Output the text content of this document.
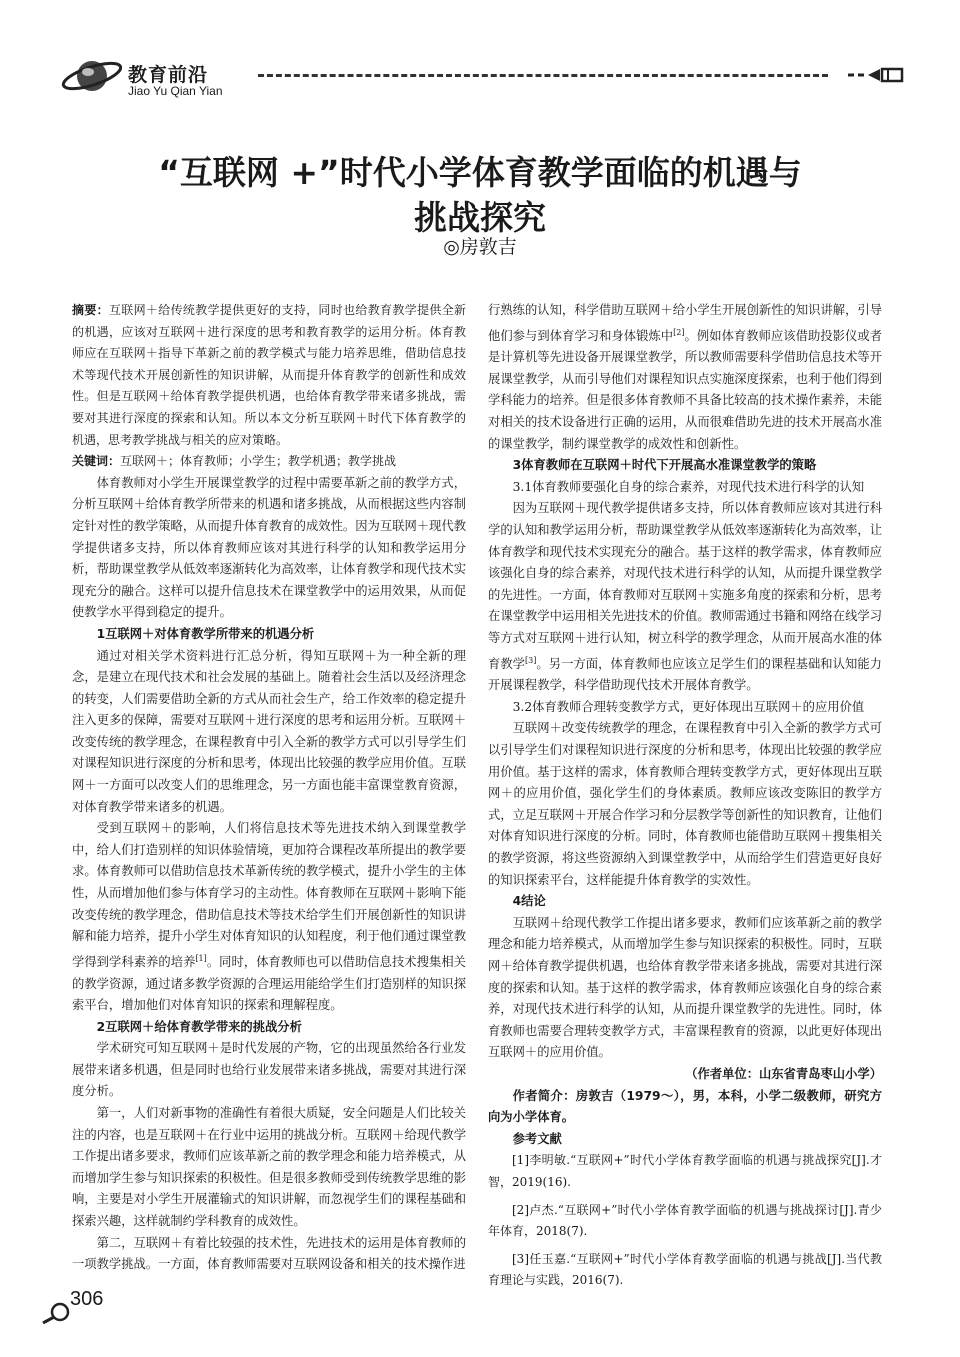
教育前沿
Jiao Yu Qian Yian
“互联网 +”时代小学体育教学面临的机遇与
挑战探究
◎房敦吉
摘要：互联网＋给传统教学提供更好的支持，同时也给教育教学提供全新的机遇，应该对互联网＋进行深度的思考和教育教学的运用分析。体育教师应在互联网＋指导下革新之前的教学模式与能力培养思维，借助信息技术等现代技术开展创新性的知识讲解，从而提升体育教学的创新性和成效性。但是互联网＋给体育教学提供机遇，也给体育教学带来诸多挑战，需要对其进行深度的探索和认知。所以本文分析互联网＋时代下体育教学的机遇，思考教学挑战与相关的应对策略。
关键词：互联网＋；体育教师；小学生；教学机遇；教学挑战

体育教师对小学生开展课堂教学的过程中需要革新之前的教学方式，分析互联网＋给体育教学所带来的机遇和诸多挑战，从而根据这些内容制定针对性的教学策略，从而提升体育教育的成效性。因为互联网＋现代教学提供诸多支持，所以体育教师应该对其进行科学的认知和教学运用分析，帮助课堂教学从低效率逐渐转化为高效率，让体育教学和现代技术实现充分的融合。这样可以提升信息技术在课堂教学中的运用效果，从而促使教学水平得到稳定的提升。

1互联网＋对体育教学所带来的机遇分析

通过对相关学术资料进行汇总分析，得知互联网＋为一种全新的理念，是建立在现代技术和社会发展的基础上。随着社会生活以及经济理念的转变，人们需要借助全新的方式从而社会生产，给工作效率的稳定提升注入更多的保障，需要对互联网＋进行深度的思考和运用分析。互联网＋改变传统的教学理念，在课程教育中引入全新的教学方式可以引导学生们对课程知识进行深度的分析和思考，体现出比较强的教学应用价值。互联网＋一方面可以改变人们的思维理念，另一方面也能丰富课堂教育资源，对体育教学带来诸多的机遇。

受到互联网＋的影响，人们将信息技术等先进技术纳入到课堂教学中，给人们打造别样的知识体验情境，更加符合课程改革所提出的教学要求。体育教师可以借助信息技术革新传统的教学模式，提升小学生的主体性，从而增加他们参与体育学习的主动性。体育教师在互联网＋影响下能改变传统的教学理念，借助信息技术等技术给学生们开展创新性的知识讲解和能力培养，提升小学生对体育知识的认知程度，利于他们通过课堂教学得到学科素养的培养[1]。同时，体育教师也可以借助信息技术搜集相关的教学资源，通过诸多教学资源的合理运用能给学生们打造别样的知识探索平台，增加他们对体育知识的探索和理解程度。

2互联网＋给体育教学带来的挑战分析

学术研究可知互联网＋是时代发展的产物，它的出现虽然给各行业发展带来诸多机遇，但是同时也给行业发展带来诸多挑战，需要对其进行深度分析。

第一，人们对新事物的准确性有着很大质疑，安全问题是人们比较关注的内容，也是互联网＋在行业中运用的挑战分析。互联网＋给现代教学工作提出诸多要求，教师们应该革新之前的教学理念和能力培养模式，从而增加学生参与知识探索的积极性。但是很多教师受到传统教学思维的影响，主要是对小学生开展灌输式的知识讲解，而忽视学生们的课程基础和探索兴趣，这样就制约学科教育的成效性。

第二，互联网＋有着比较强的技术性，先进技术的运用是体育教师的一项教学挑战。一方面，体育教师需要对互联网设备和相关的技术操作进

行熟练的认知，科学借助互联网＋给小学生开展创新性的知识讲解，引导他们参与到体育学习和身体锻炼中[2]。例如体育教师应该借助投影仪或者是计算机等先进设备开展课堂教学，所以教师需要科学借助信息技术等开展课堂教学，从而引导他们对课程知识点实施深度探索，也利于他们得到学科能力的培养。但是很多体育教师不具备比较高的技术操作素养，未能对相关的技术设备进行正确的运用，从而很难借助先进的技术开展高水准的课堂教学，制约课堂教学的成效性和创新性。

3体育教师在互联网＋时代下开展高水准课堂教学的策略

3.1体育教师要强化自身的综合素养，对现代技术进行科学的认知

因为互联网＋现代教学提供诸多支持，所以体育教师应该对其进行科学的认知和教学运用分析，帮助课堂教学从低效率逐渐转化为高效率，让体育教学和现代技术实现充分的融合。基于这样的教学需求，体育教师应该强化自身的综合素养，对现代技术进行科学的认知，从而提升课堂教学的先进性。一方面，体育教师对互联网＋实施多角度的探索和分析，思考在课堂教学中运用相关先进技术的价值。教师需通过书籍和网络在线学习等方式对互联网＋进行认知，树立科学的教学理念，从而开展高水准的体育教学[3]。另一方面，体育教师也应该立足学生们的课程基础和认知能力开展课程教学，科学借助现代技术开展体育教学。

3.2体育教师合理转变教学方式，更好体现出互联网＋的应用价值

互联网＋改变传统教学的理念，在课程教育中引入全新的教学方式可以引导学生们对课程知识进行深度的分析和思考，体现出比较强的教学应用价值。基于这样的需求，体育教师合理转变教学方式，更好体现出互联网＋的应用价值，强化学生们的身体素质。教师应该改变陈旧的教学方式，立足互联网＋开展合作学习和分层教学等创新性的知识教育，让他们对体育知识进行深度的分析。同时，体育教师也能借助互联网＋搜集相关的教学资源，将这些资源纳入到课堂教学中，从而给学生们营造更好良好的知识探索平台，这样能提升体育教学的实效性。

4结论

互联网＋给现代教学工作提出诸多要求，教师们应该革新之前的教学理念和能力培养模式，从而增加学生参与知识探索的积极性。同时，互联网＋给体育教学提供机遇，也给体育教学带来诸多挑战，需要对其进行深度的探索和认知。基于这样的教学需求，体育教师应该强化自身的综合素养，对现代技术进行科学的认知，从而提升课堂教学的先进性。同时，体育教师也需要合理转变教学方式，丰富课程教育的资源，以此更好体现出互联网＋的应用价值。

（作者单位：山东省青岛枣山小学）

作者简介：房敦吉（1979～），男，本科，小学二级教师，研究方向为小学体育。

参考文献

[1]李明敏.“互联网+”时代小学体育教学面临的机遇与挑战探究[J].才智，2019(16).

[2]卢杰.“互联网+”时代小学体育教学面临的机遇与挑战探讨[J].青少年体育，2018(7).

[3]任玉嘉.“互联网+”时代小学体育教学面临的机遇与挑战[J].当代教育理论与实践，2016(7).

306
